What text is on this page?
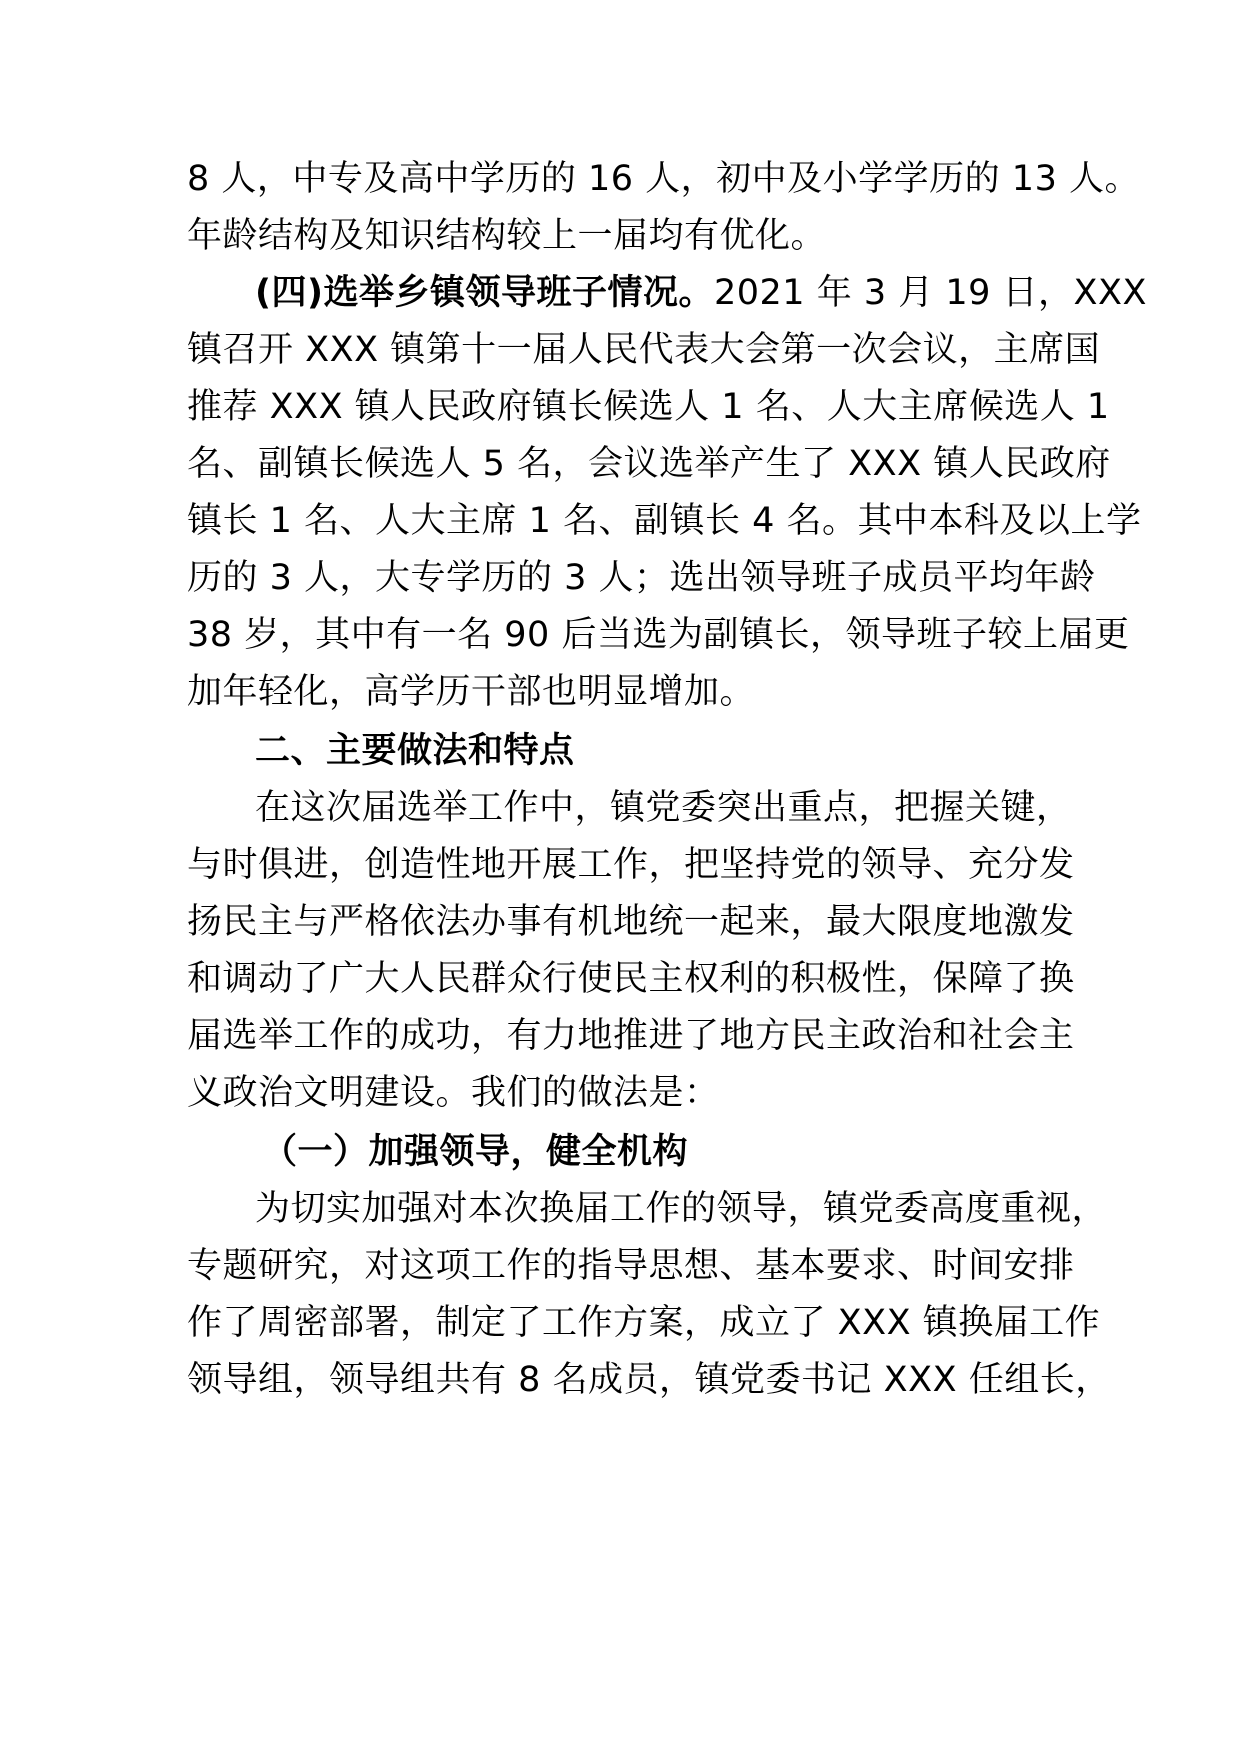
8 人，中专及高中学历的 16 人，初中及小学学历的 13 人。
年龄结构及知识结构较上一届均有优化。
(四)选举乡镇领导班子情况。2021 年 3 月 19 日，XXX
镇召开 XXX 镇第十一届人民代表大会第一次会议，主席国
推荐 XXX 镇人民政府镇长候选人 1 名、人大主席候选人 1
名、副镇长候选人 5 名，会议选举产生了 XXX 镇人民政府
镇长 1 名、人大主席 1 名、副镇长 4 名。其中本科及以上学
历的 3 人，大专学历的 3 人；选出领导班子成员平均年龄
38 岁，其中有一名 90 后当选为副镇长，领导班子较上届更
加年轻化，高学历干部也明显增加。
二、主要做法和特点
在这次届选举工作中，镇党委突出重点，把握关键，
与时俱进，创造性地开展工作，把坚持党的领导、充分发
扬民主与严格依法办事有机地统一起来，最大限度地激发
和调动了广大人民群众行使民主权利的积极性，保障了换
届选举工作的成功，有力地推进了地方民主政治和社会主
义政治文明建设。我们的做法是：
（一）加强领导，健全机构
为切实加强对本次换届工作的领导，镇党委高度重视，
专题研究，对这项工作的指导思想、基本要求、时间安排
作了周密部署，制定了工作方案，成立了 XXX 镇换届工作
领导组，领导组共有 8 名成员，镇党委书记 XXX 任组长，
